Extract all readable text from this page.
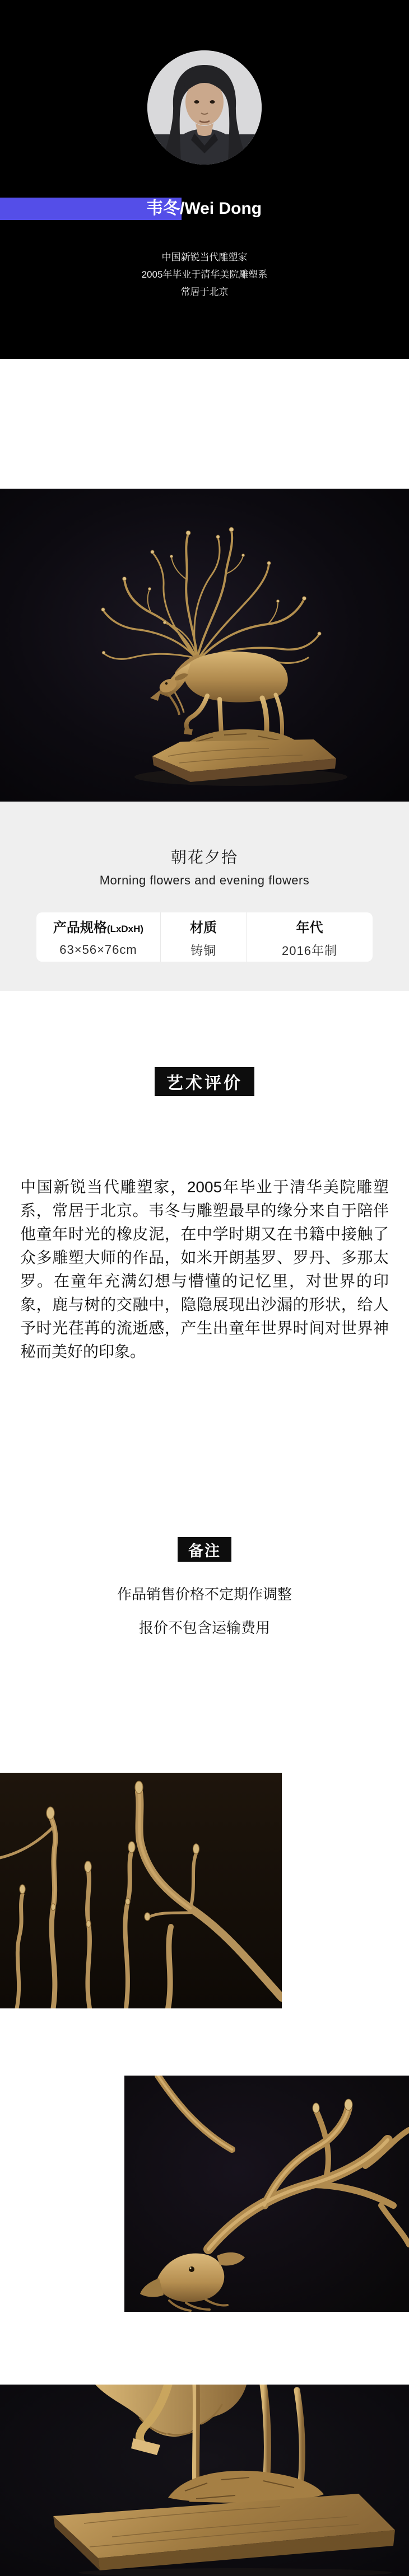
韦冬/Wei Dong
中国新锐当代雕塑家
2005年毕业于清华美院雕塑系
常居于北京
朝花夕拾
Morning flowers and evening flowers
产品规格(LxDxH)
63×56×76cm
材质
铸铜
年代
2016年制
艺术评价
中国新锐当代雕塑家，2005年毕业于清华美院雕塑系，常居于北京。韦冬与雕塑最早的缘分来自于陪伴他童年时光的橡皮泥，在中学时期又在书籍中接触了众多雕塑大师的作品，如米开朗基罗、罗丹、多那太罗。在童年充满幻想与懵懂的记忆里，对世界的印象，鹿与树的交融中，隐隐展现出沙漏的形状，给人予时光荏苒的流逝感，产生出童年世界时间对世界神秘而美好的印象。
备注
作品销售价格不定期作调整
报价不包含运输费用
